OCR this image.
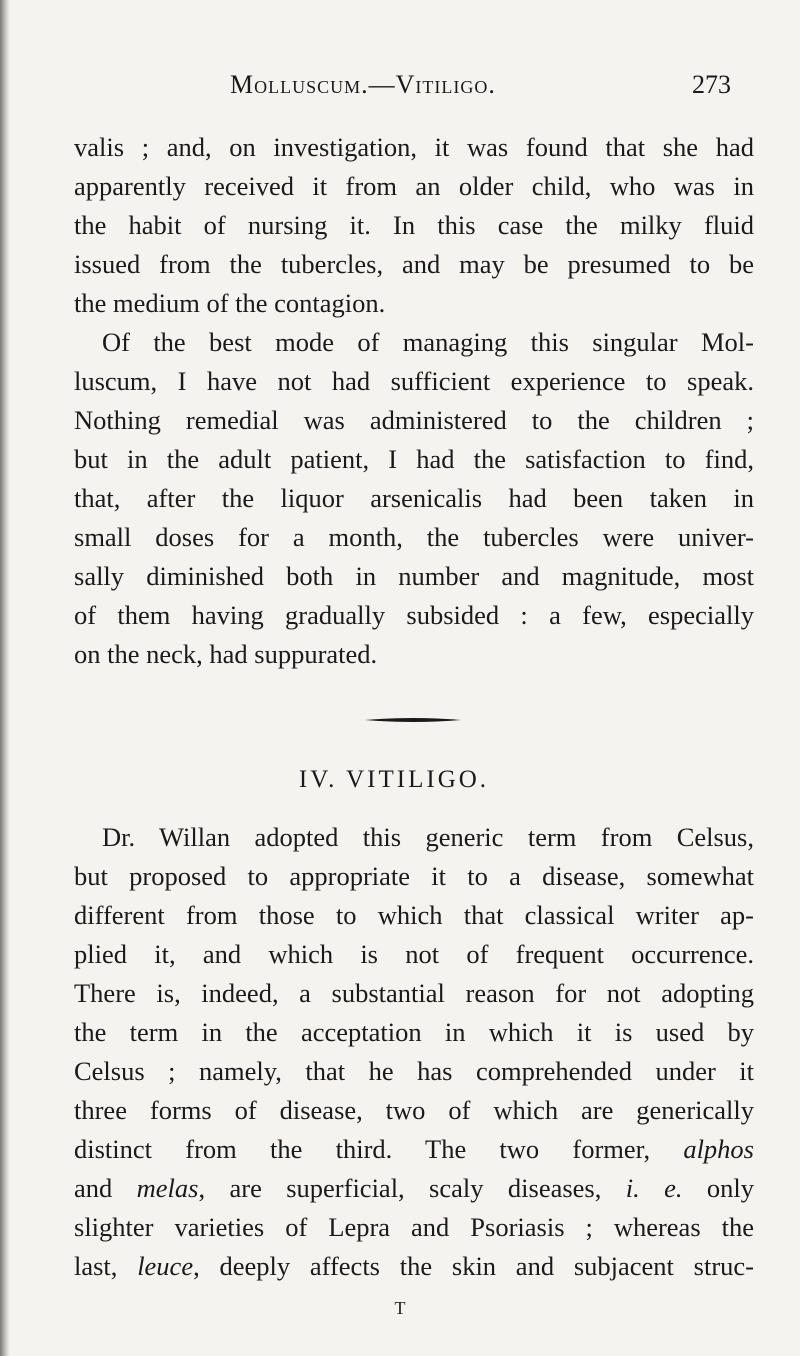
Molluscum.—Vitiligo.	273
valis ; and, on investigation, it was found that she had
apparently received it from an older child, who was in
the habit of nursing it. In this case the milky fluid
issued from the tubercles, and may be presumed to be
the medium of the contagion.
Of the best mode of managing this singular Mol-
luscum, I have not had sufficient experience to speak.
Nothing remedial was administered to the children ;
but in the adult patient, I had the satisfaction to find,
that, after the liquor arsenicalis had been taken in
small doses for a month, the tubercles were univer-
sally diminished both in number and magnitude, most
of them having gradually subsided : a few, especially
on the neck, had suppurated.
IV. VITILIGO.
Dr. Willan adopted this generic term from Celsus,
but proposed to appropriate it to a disease, somewhat
different from those to which that classical writer ap-
plied it, and which is not of frequent occurrence.
There is, indeed, a substantial reason for not adopting
the term in the acceptation in which it is used by
Celsus ; namely, that he has comprehended under it
three forms of disease, two of which are generically
distinct from the third. The two former, alphos
and melas, are superficial, scaly diseases, i. e. only
slighter varieties of Lepra and Psoriasis ; whereas the
last, leuce, deeply affects the skin and subjacent struc-
T
